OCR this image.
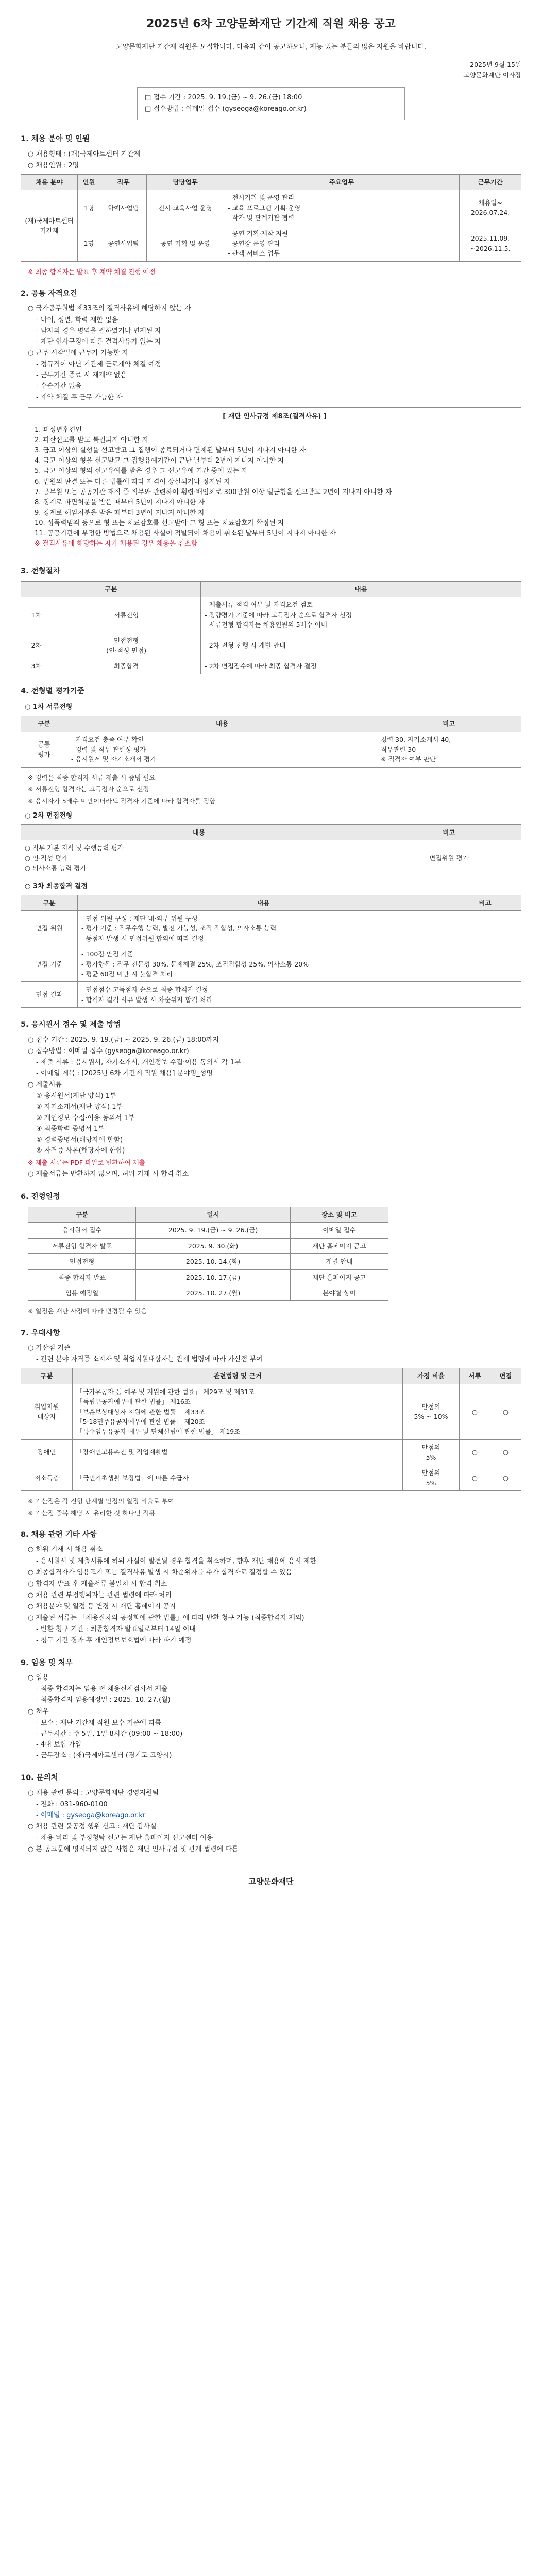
2025년 6차 고양문화재단 기간제 직원 채용 공고

고양문화재단 기간제 직원을 모집합니다. 다음과 같이 공고하오니, 재능 있는 분들의 많은 지원을 바랍니다.

2025년 9월 15일
고양문화재단 이사장
□ 접수 기간 : 2025. 9. 19.(금) ~ 9. 26.(금) 18:00
□ 접수방법 : 이메일 접수 (gyseoga@koreago.or.kr)
1. 채용 분야 및 인원
○ 채용형태 : (재)국제아트센터 기간제
○ 채용인원 : 2명
채용 분야	인원	직무	담당업무	주요업무	근무기간
(재)국제아트센터
기간제	1명	학예사업팀	전시·교육사업 운영	- 전시기획 및 운영 관리
- 교육 프로그램 기획·운영
- 작가 및 관계기관 협력	채용일~
2026.07.24.
	1명	공연사업팀	공연 기획 및 운영	- 공연 기획·제작 지원
- 공연장 운영 관리
- 관객 서비스 업무	2025.11.09.
~2026.11.5.
※ 최종 합격자는 발표 후 계약 체결 진행 예정
2. 공통 자격요건
○ 국가공무원법 제33조의 결격사유에 해당하지 않는 자
- 나이, 성별, 학력 제한 없음
- 남자의 경우 병역을 필하였거나 면제된 자
- 재단 인사규정에 따른 결격사유가 없는 자
○ 근무 시작일에 근무가 가능한 자
- 정규직이 아닌 기간제 근로계약 체결 예정
- 근무기간 종료 시 재계약 없음
- 수습기간 없음
- 계약 체결 후 근무 가능한 자
[ 재단 인사규정 제8조(결격사유) ]
1. 피성년후견인
2. 파산선고를 받고 복권되지 아니한 자
3. 금고 이상의 실형을 선고받고 그 집행이 종료되거나 면제된 날부터 5년이 지나지 아니한 자
4. 금고 이상의 형을 선고받고 그 집행유예기간이 끝난 날부터 2년이 지나지 아니한 자
5. 금고 이상의 형의 선고유예를 받은 경우 그 선고유예 기간 중에 있는 자
6. 법원의 판결 또는 다른 법률에 따라 자격이 상실되거나 정지된 자
7. 공무원 또는 공공기관 재직 중 직무와 관련하여 횡령·배임죄로 300만원 이상 벌금형을 선고받고 2년이 지나지 아니한 자
8. 징계로 파면처분을 받은 때부터 5년이 지나지 아니한 자
9. 징계로 해임처분을 받은 때부터 3년이 지나지 아니한 자
10. 성폭력범죄 등으로 형 또는 치료감호를 선고받아 그 형 또는 치료감호가 확정된 자
11. 공공기관에 부정한 방법으로 채용된 사실이 적발되어 채용이 취소된 날부터 5년이 지나지 아니한 자
※ 결격사유에 해당하는 자가 채용된 경우 채용을 취소함
3. 전형절차
구분		내용
1차	서류전형	- 제출서류 적격 여부 및 자격요건 검토
- 정량평가 기준에 따라 고득점자 순으로 합격자 선정
- 서류전형 합격자는 채용인원의 5배수 이내
2차	면접전형
(인·적성 면접)	- 2차 전형 진행 시 개별 안내
3차	최종합격	- 2차 면접점수에 따라 최종 합격자 결정
4. 전형별 평가기준
○ 1차 서류전형
구분	내용	비고
공통
평가	- 자격요건 충족 여부 확인
- 경력 및 직무 관련성 평가
- 응시원서 및 자기소개서 평가	경력 30, 자기소개서 40,
직무관련 30
※ 적격자 여부 판단
※ 경력은 최종 합격자 서류 제출 시 증빙 필요
※ 서류전형 합격자는 고득점자 순으로 선정
※ 응시자가 5배수 미만이더라도 적격자 기준에 따라 합격자를 정함
○ 2차 면접전형
내용	비고
○ 직무 기본 지식 및 수행능력 평가
○ 인·적성 평가
○ 의사소통 능력 평가	면접위원 평가
○ 3차 최종합격 결정
구분	내용	비고
면접 위원	- 면접 위원 구성 : 재단 내·외부 위원 구성
- 평가 기준 : 직무수행 능력, 발전 가능성, 조직 적합성, 의사소통 능력
- 동점자 발생 시 면접위원 합의에 따라 결정	
면접 기준	- 100점 만점 기준
- 평가항목 : 직무 전문성 30%, 문제해결 25%, 조직적합성 25%, 의사소통 20%
- 평균 60점 미만 시 불합격 처리	
면접 결과	- 면접점수 고득점자 순으로 최종 합격자 결정
- 합격자 결격 사유 발생 시 차순위자 합격 처리	
5. 응시원서 접수 및 제출 방법
○ 접수 기간 : 2025. 9. 19.(금) ~ 2025. 9. 26.(금) 18:00까지
○ 접수방법 : 이메일 접수 (gyseoga@koreago.or.kr)
- 제출 서류 : 응시원서, 자기소개서, 개인정보 수집·이용 동의서 각 1부
- 이메일 제목 : [2025년 6차 기간제 직원 채용] 분야명_성명
○ 제출서류
① 응시원서(재단 양식) 1부
② 자기소개서(재단 양식) 1부
③ 개인정보 수집·이용 동의서 1부
④ 최종학력 증명서 1부
⑤ 경력증명서(해당자에 한함)
⑥ 자격증 사본(해당자에 한함)
※ 제출 서류는 PDF 파일로 변환하여 제출
○ 제출서류는 반환하지 않으며, 허위 기재 시 합격 취소
6. 전형일정
구분	일시	장소 및 비고
응시원서 접수	2025. 9. 19.(금) ~ 9. 26.(금)	이메일 접수
서류전형 합격자 발표	2025. 9. 30.(화)	재단 홈페이지 공고
면접전형	2025. 10. 14.(화)	개별 안내
최종 합격자 발표	2025. 10. 17.(금)	재단 홈페이지 공고
임용 예정일	2025. 10. 27.(월)	분야별 상이
※ 일정은 재단 사정에 따라 변경될 수 있음
7. 우대사항
○ 가산점 기준
- 관련 분야 자격증 소지자 및 취업지원대상자는 관계 법령에 따라 가산점 부여
구분	관련법령 및 근거	가점 비율	서류	면접
취업지원
대상자	「국가유공자 등 예우 및 지원에 관한 법률」 제29조 및 제31조
「독립유공자예우에 관한 법률」 제16조
「보훈보상대상자 지원에 관한 법률」 제33조
「5·18민주유공자예우에 관한 법률」 제20조
「특수임무유공자 예우 및 단체설립에 관한 법률」 제19조	만점의
5% ~ 10%	○	○
장애인	「장애인고용촉진 및 직업재활법」	만점의
5%	○	○
저소득층	「국민기초생활 보장법」에 따른 수급자	만점의
5%	○	○
※ 가산점은 각 전형 단계별 만점의 일정 비율로 부여
※ 가산점 중복 해당 시 유리한 것 하나만 적용
8. 채용 관련 기타 사항
○ 허위 기재 시 채용 취소
- 응시원서 및 제출서류에 허위 사실이 발견될 경우 합격을 취소하며, 향후 재단 채용에 응시 제한
○ 최종합격자가 임용포기 또는 결격사유 발생 시 차순위자를 추가 합격자로 결정할 수 있음
○ 합격자 발표 후 제출서류 불일치 시 합격 취소
○ 채용 관련 부정행위자는 관련 법령에 따라 처리
○ 채용분야 및 일정 등 변경 시 재단 홈페이지 공지
○ 제출된 서류는 「채용절차의 공정화에 관한 법률」에 따라 반환 청구 가능 (최종합격자 제외)
- 반환 청구 기간 : 최종합격자 발표일로부터 14일 이내
- 청구 기간 경과 후 개인정보보호법에 따라 파기 예정
9. 임용 및 처우
○ 임용
- 최종 합격자는 임용 전 채용신체검사서 제출
- 최종합격자 임용예정일 : 2025. 10. 27.(월)
○ 처우
- 보수 : 재단 기간제 직원 보수 기준에 따름
- 근무시간 : 주 5일, 1일 8시간 (09:00 ~ 18:00)
- 4대 보험 가입
- 근무장소 : (재)국제아트센터 (경기도 고양시)
10. 문의처
○ 채용 관련 문의 : 고양문화재단 경영지원팀
- 전화 : 031-960-0100
- 이메일 : gyseoga@koreago.or.kr
○ 채용 관련 불공정 행위 신고 : 재단 감사실
- 채용 비리 및 부정청탁 신고는 재단 홈페이지 신고센터 이용
○ 본 공고문에 명시되지 않은 사항은 재단 인사규정 및 관계 법령에 따름
고양문화재단
